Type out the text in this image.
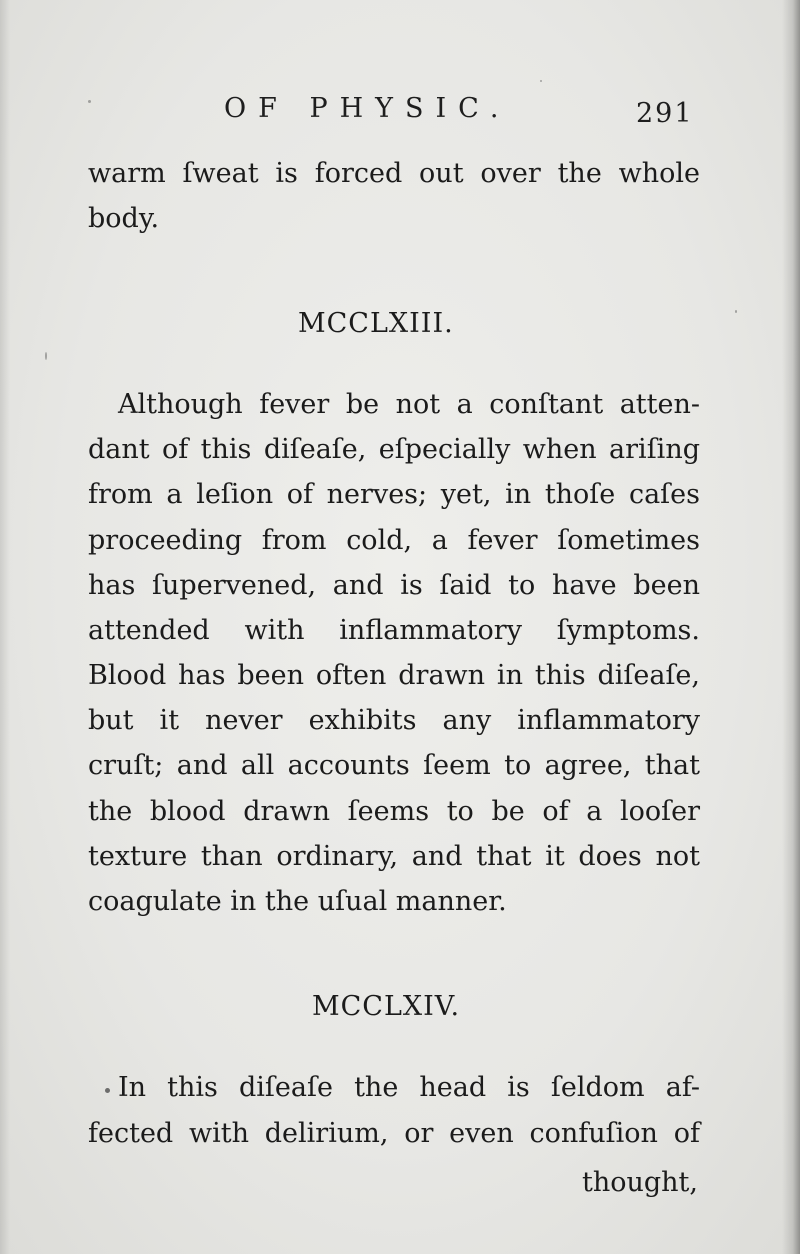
OF PHYSIC.	291
warm ſweat is forced out over the whole
body.
MCCLXIII.
Although fever be not a conſtant atten-
dant of this diſeaſe, eſpecially when ariſing
from a leſion of nerves; yet, in thoſe caſes
proceeding from cold, a fever ſometimes
has ſupervened, and is ſaid to have been
attended with inflammatory ſymptoms.
Blood has been often drawn in this diſeaſe,
but it never exhibits any inflammatory
cruſt; and all accounts ſeem to agree, that
the blood drawn ſeems to be of a looſer
texture than ordinary, and that it does not
coagulate in the uſual manner.
MCCLXIV.
In this diſeaſe the head is ſeldom af-
fected with delirium, or even confuſion of
thought,
